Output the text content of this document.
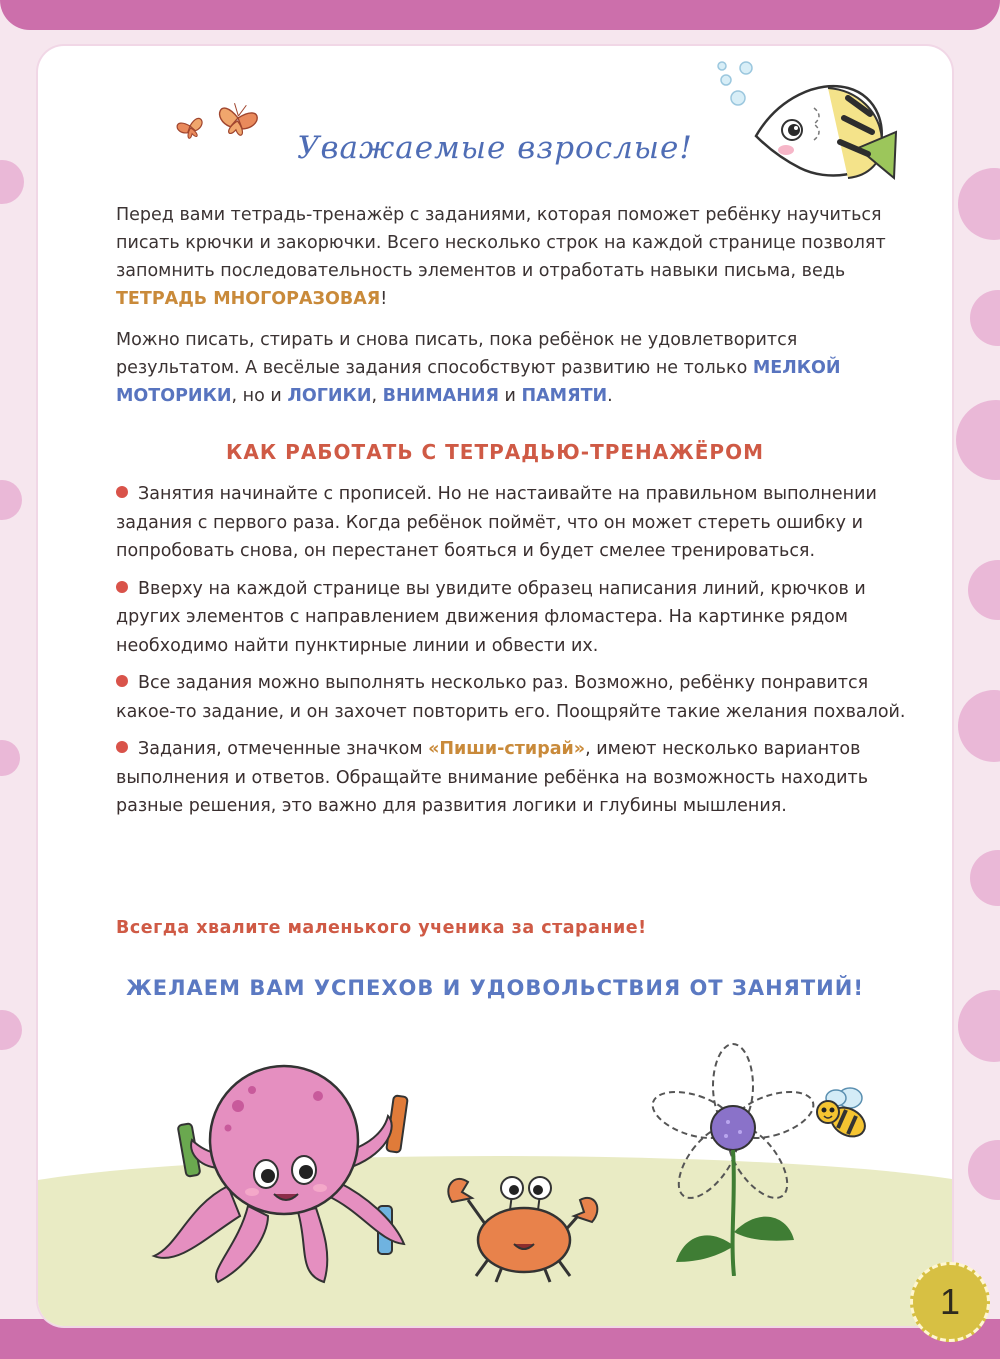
Уважаемые взрослые!

Перед вами тетрадь-тренажёр с заданиями, которая поможет ребёнку научиться писать крючки и закорючки. Всего несколько строк на каждой странице позволят запомнить последовательность элементов и отработать навыки письма, ведь ТЕТРАДЬ МНОГОРАЗОВАЯ!

Можно писать, стирать и снова писать, пока ребёнок не удовлетворится результатом. А весёлые задания способствуют развитию не только МЕЛКОЙ МОТОРИКИ, но и ЛОГИКИ, ВНИМАНИЯ и ПАМЯТИ.

КАК РАБОТАТЬ С ТЕТРАДЬЮ-ТРЕНАЖЁРОМ

Занятия начинайте с прописей. Но не настаивайте на правильном выполнении задания с первого раза. Когда ребёнок поймёт, что он может стереть ошибку и попробовать снова, он перестанет бояться и будет смелее тренироваться.

Вверху на каждой странице вы увидите образец написания линий, крючков и других элементов с направлением движения фломастера. На картинке рядом необходимо найти пунктирные линии и обвести их.

Все задания можно выполнять несколько раз. Возможно, ребёнку понравится какое-то задание, и он захочет повторить его. Поощряйте такие желания похвалой.

Задания, отмеченные значком «Пиши-стирай», имеют несколько вариантов выполнения и ответов. Обращайте внимание ребёнка на возможность находить разные решения, это важно для развития логики и глубины мышления.

Всегда хвалите маленького ученика за старание!
ЖЕЛАЕМ ВАМ УСПЕХОВ И УДОВОЛЬСТВИЯ ОТ ЗАНЯТИЙ!
1
